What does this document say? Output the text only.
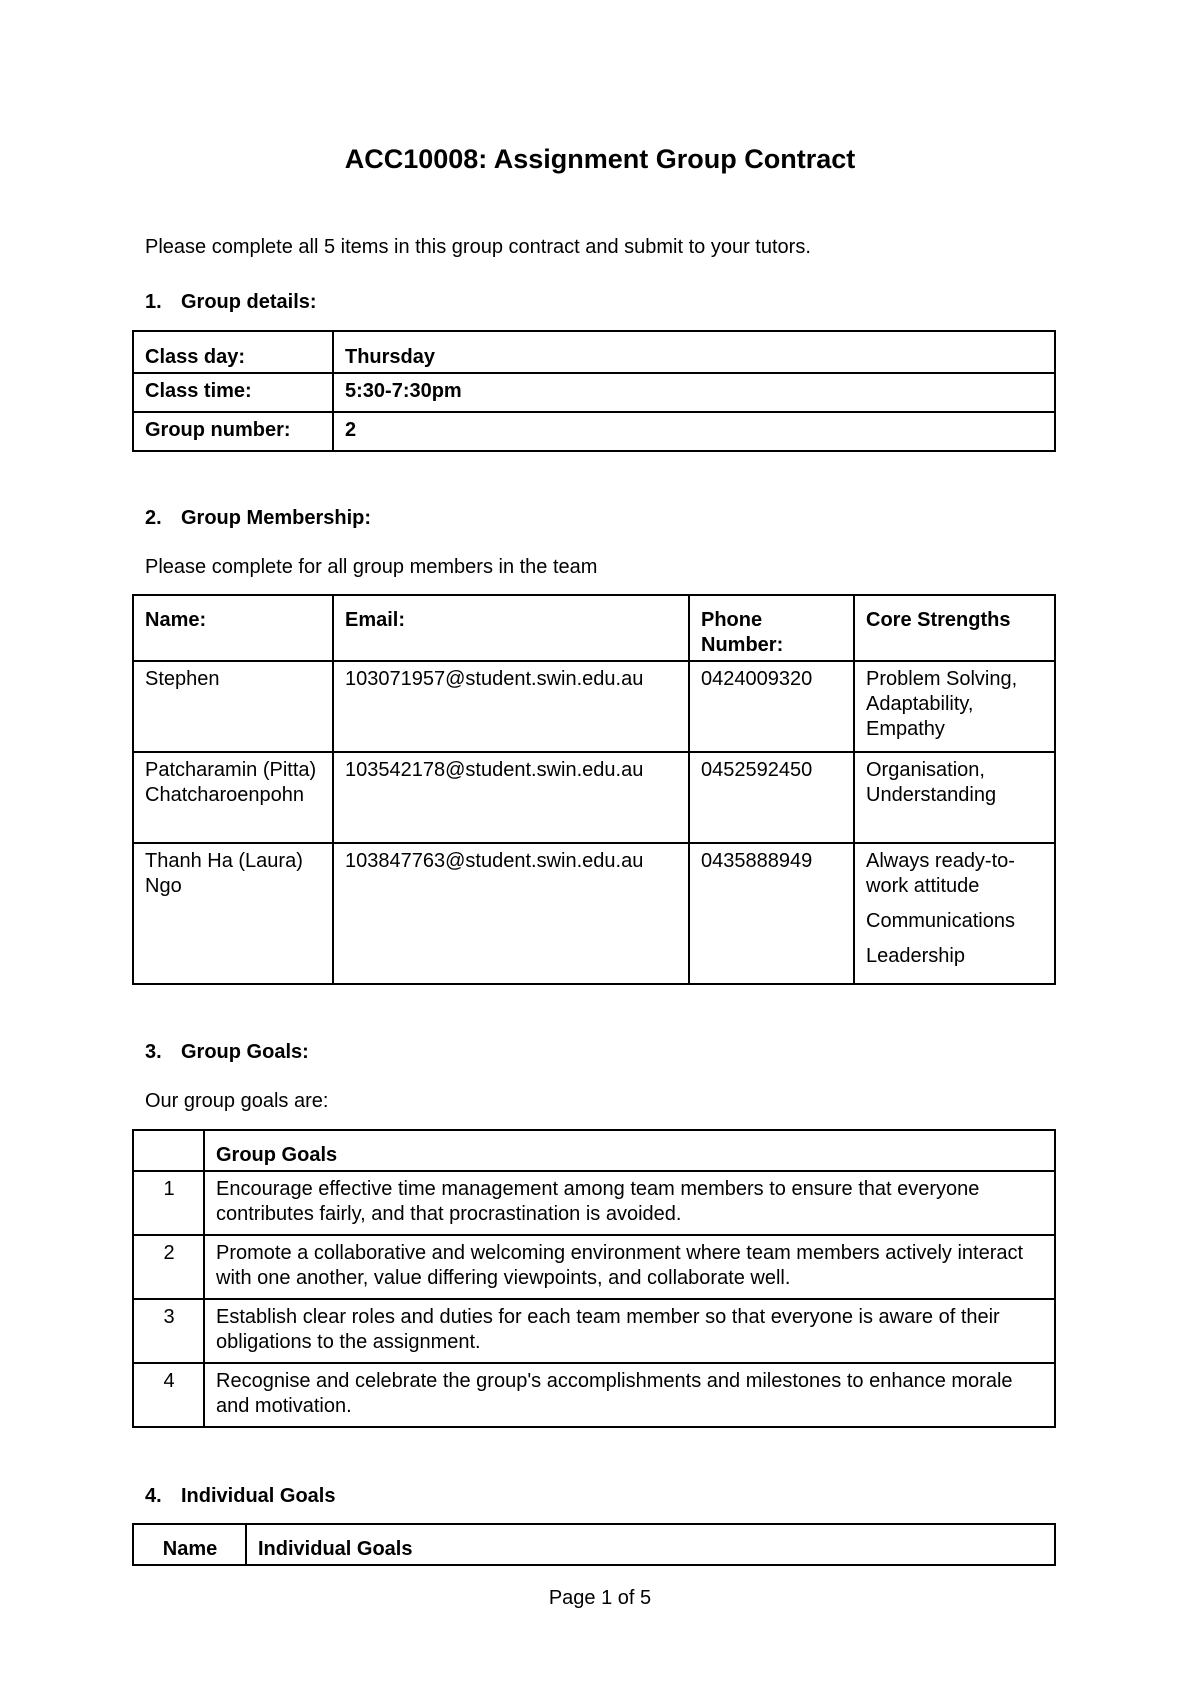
ACC10008: Assignment Group Contract
Please complete all 5 items in this group contract and submit to your tutors.
1. Group details:
Class day:	Thursday
Class time:	5:30-7:30pm
Group number:	2
2. Group Membership:
Please complete for all group members in the team
Name:	Email:	Phone Number:	Core Strengths
Stephen	103071957@student.swin.edu.au	0424009320	Problem Solving, Adaptability, Empathy
Patcharamin (Pitta) Chatcharoenpohn	103542178@student.swin.edu.au	0452592450	Organisation, Understanding
Thanh Ha (Laura) Ngo	103847763@student.swin.edu.au	0435888949	Always ready-to-work attitude
Communications
Leadership
3. Group Goals:
Our group goals are:
	Group Goals
1	Encourage effective time management among team members to ensure that everyone contributes fairly, and that procrastination is avoided.
2	Promote a collaborative and welcoming environment where team members actively interact with one another, value differing viewpoints, and collaborate well.
3	Establish clear roles and duties for each team member so that everyone is aware of their obligations to the assignment.
4	Recognise and celebrate the group's accomplishments and milestones to enhance morale and motivation.
4. Individual Goals
Name	Individual Goals
Page 1 of 5
